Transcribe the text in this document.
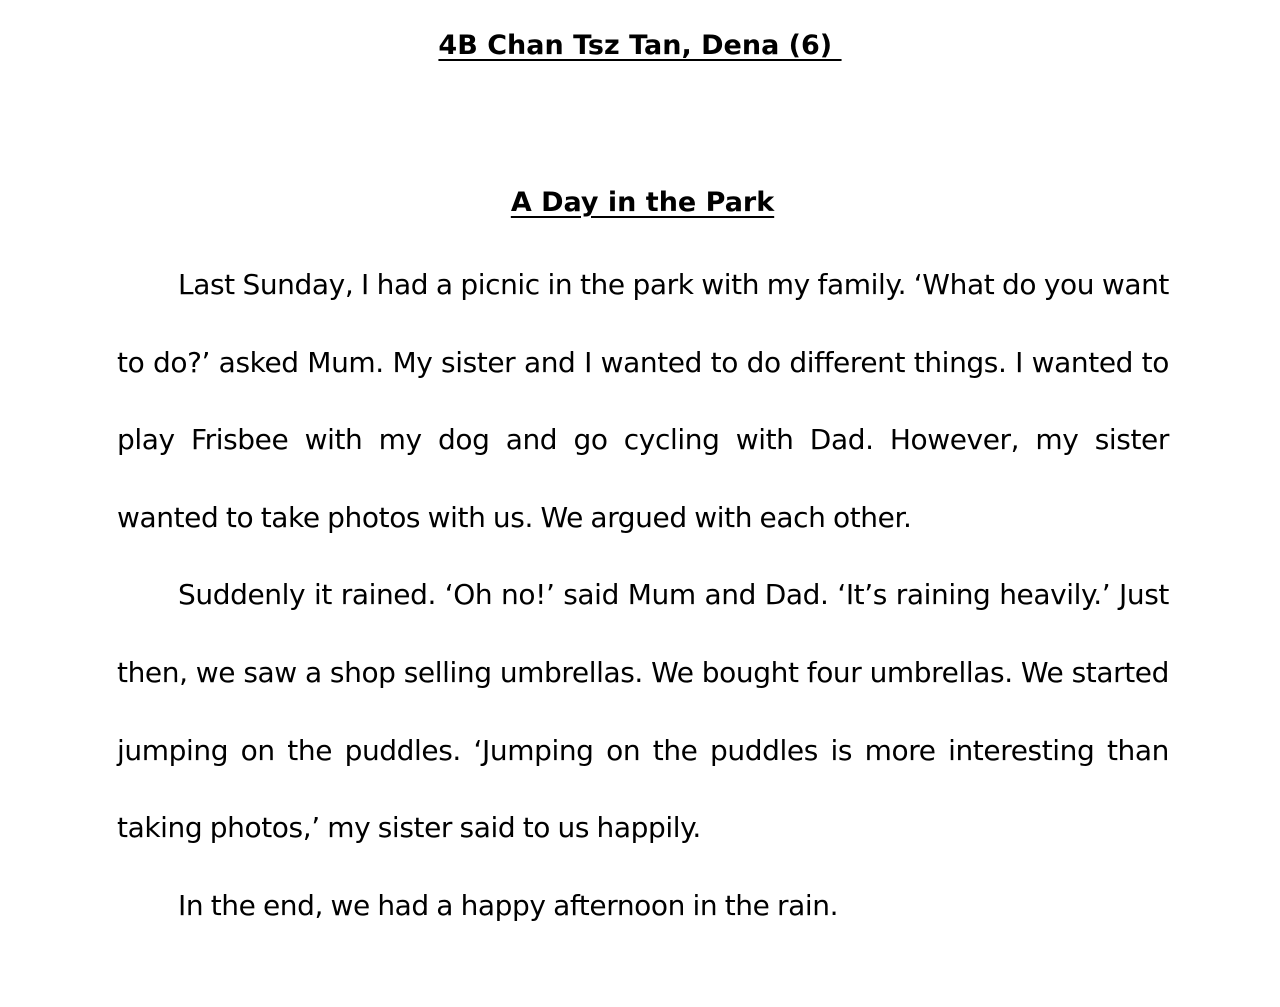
4B Chan Tsz Tan, Dena (6)
A Day in the Park

Last Sunday, I had a picnic in the park with my family. ‘What do you want to do?’ asked Mum. My sister and I wanted to do different things. I wanted to play Frisbee with my dog and go cycling with Dad. However, my sister wanted to take photos with us. We argued with each other.

Suddenly it rained. ‘Oh no!’ said Mum and Dad. ‘It’s raining heavily.’ Just then, we saw a shop selling umbrellas. We bought four umbrellas. We started jumping on the puddles. ‘Jumping on the puddles is more interesting than taking photos,’ my sister said to us happily.

In the end, we had a happy afternoon in the rain.
